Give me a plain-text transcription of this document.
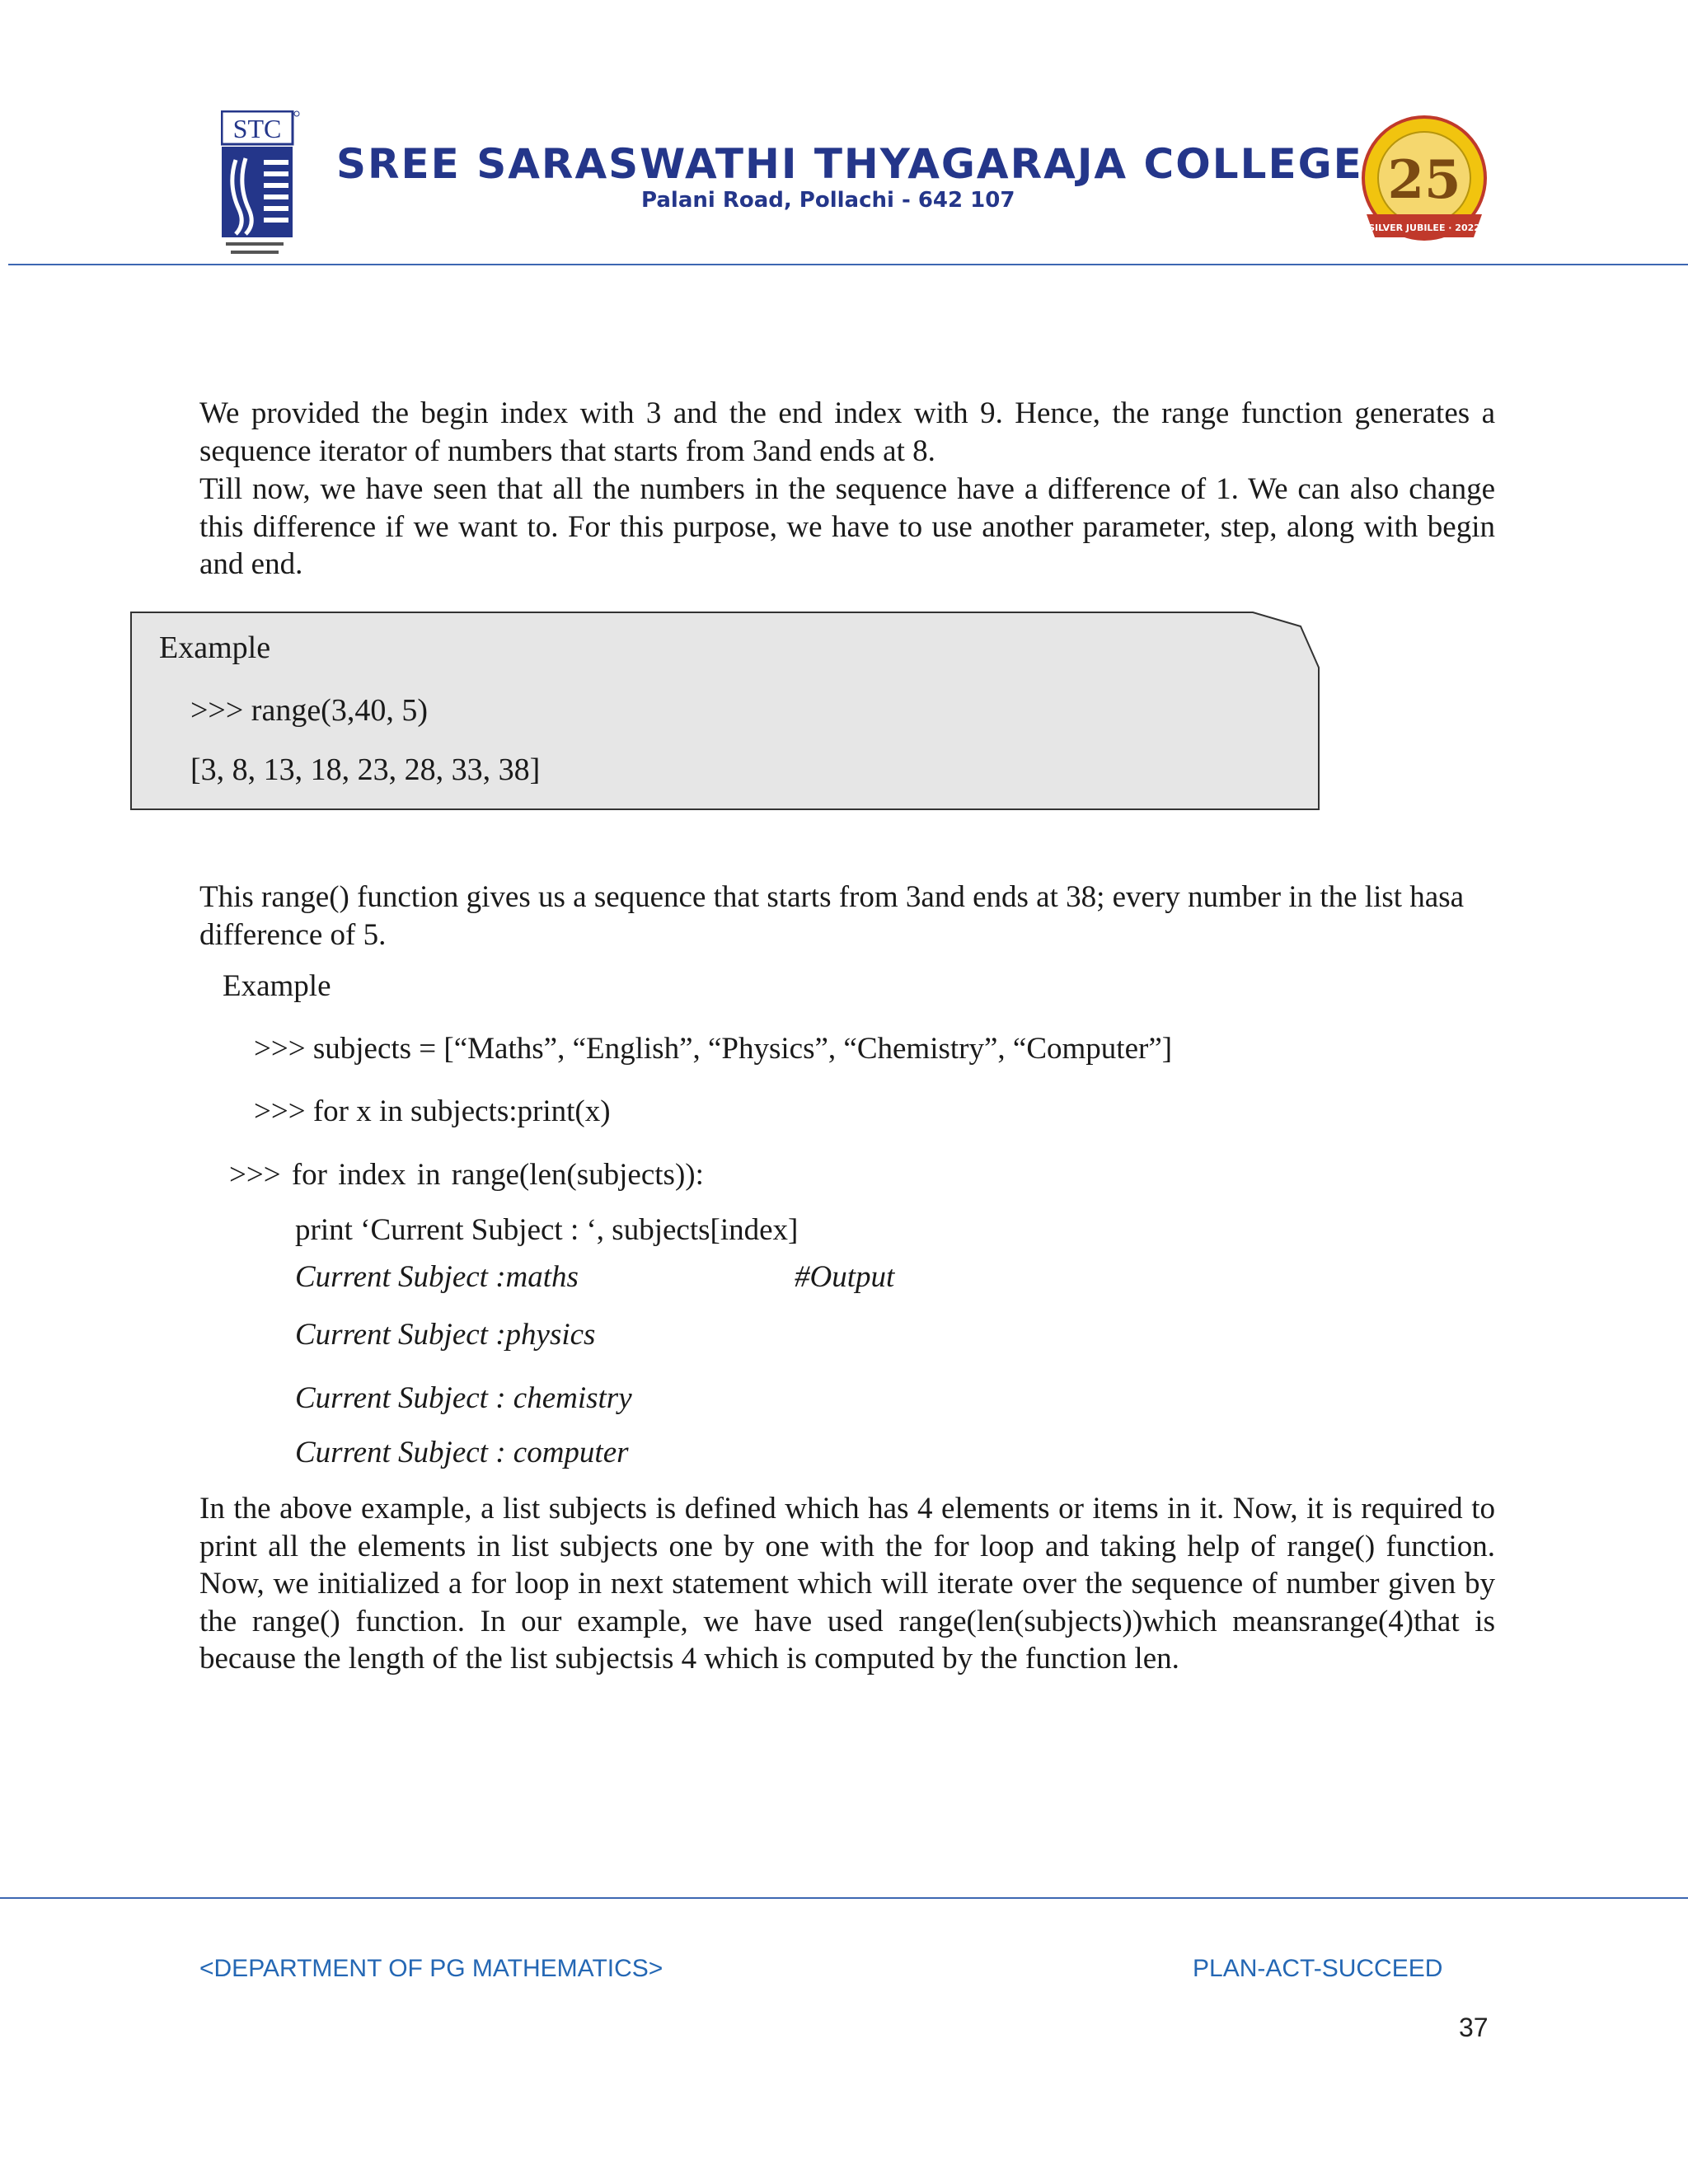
STC
SREE SARASWATHI THYAGARAJA COLLEGE
Palani Road, Pollachi - 642 107	25
SILVER JUBILEE · 2022
We provided the begin index with 3 and the end index with 9. Hence, the range function generates a sequence iterator of numbers that starts from 3and ends at 8.
Till now, we have seen that all the numbers in the sequence have a difference of 1. We can also change this difference if we want to. For this purpose, we have to use another parameter, step, along with begin and end.
Example
>>> range(3,40, 5)
[3, 8, 13, 18, 23, 28, 33, 38]
This range() function gives us a sequence that starts from 3and ends at 38; every number in the list hasa difference of 5.
Example
>>> subjects = [“Maths”, “English”, “Physics”, “Chemistry”, “Computer”]
>>> for x in subjects:print(x)
>>> for index in range(len(subjects)):
print ‘Current Subject : ‘, subjects[index]
Current Subject :maths	#Output
Current Subject :physics
Current Subject : chemistry
Current Subject : computer
In the above example, a list subjects is defined which has 4 elements or items in it. Now, it is required to print all the elements in list subjects one by one with the for loop and taking help of range() function. Now, we initialized a for loop in next statement which will iterate over the sequence of number given by the range() function. In our example, we have used range(len(subjects))which meansrange(4)that is because the length of the list subjectsis 4 which is computed by the function len.
<DEPARTMENT OF PG MATHEMATICS>	PLAN-ACT-SUCCEED
37
